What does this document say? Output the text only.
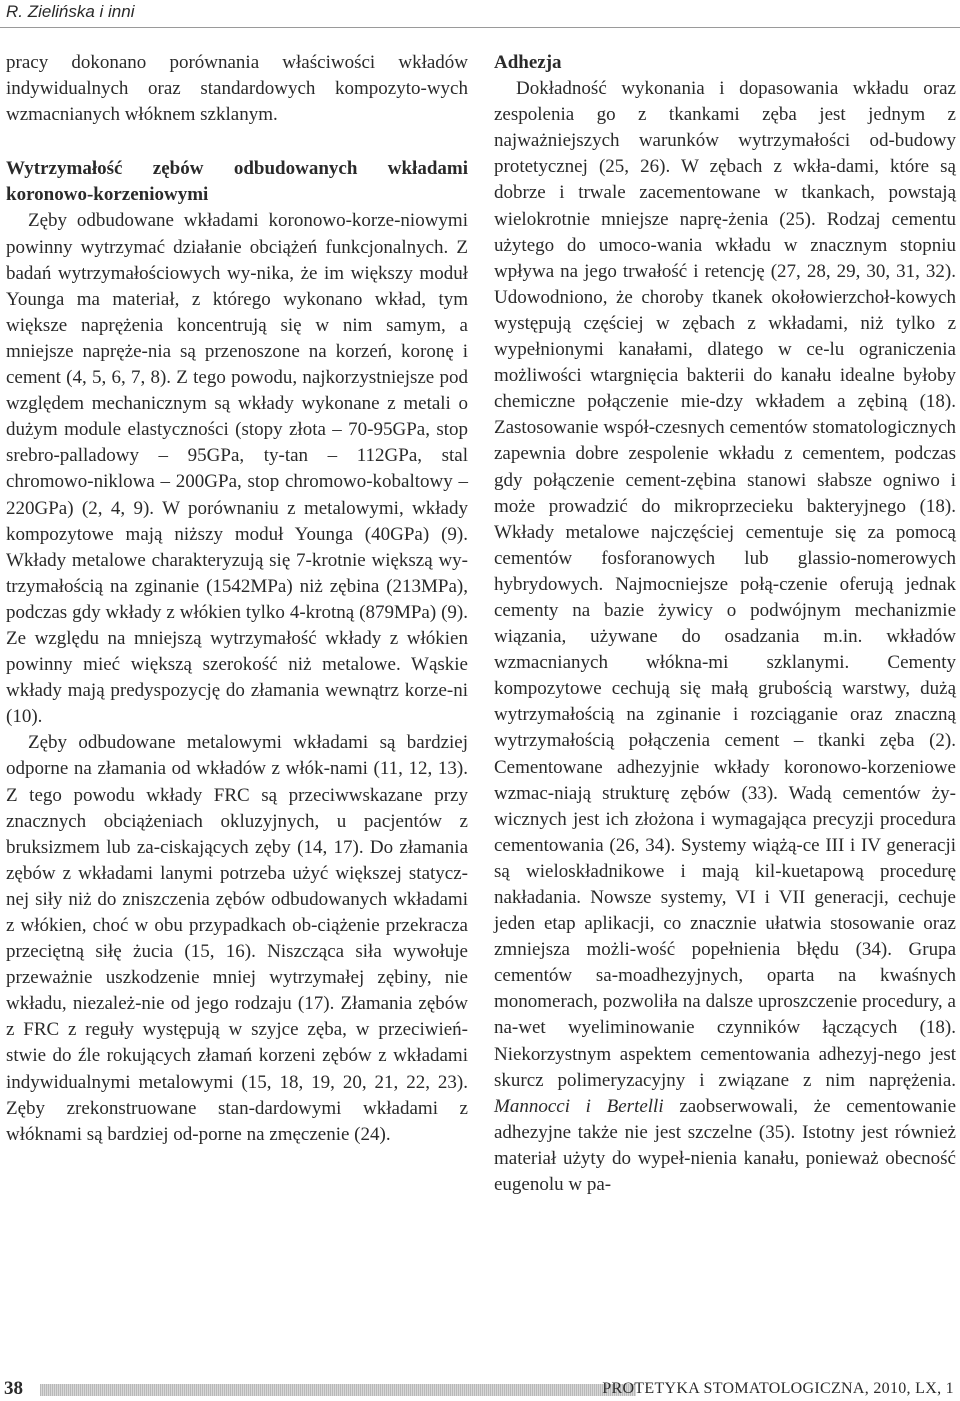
R. Zielińska i inni

pracy dokonano porównania właściwości wkładów indywidualnych oraz standardowych kompozyto-wych wzmacnianych włóknem szklanym.

Wytrzymałość zębów odbudowanych wkładami koronowo-korzeniowymi

Zęby odbudowane wkładami koronowo-korze-niowymi powinny wytrzymać działanie obciążeń funkcjonalnych. Z badań wytrzymałościowych wy-nika, że im większy moduł Younga ma materiał, z którego wykonano wkład, tym większe naprężenia koncentrują się w nim samym, a mniejsze napręże-nia są przenoszone na korzeń, koronę i cement (4, 5, 6, 7, 8). Z tego powodu, najkorzystniejsze pod względem mechanicznym są wkłady wykonane z metali o dużym module elastyczności (stopy złota – 70-95GPa, stop srebro-palladowy – 95GPa, ty-tan – 112GPa, stal chromowo-niklowa – 200GPa, stop chromowo-kobaltowy – 220GPa) (2, 4, 9). W porównaniu z metalowymi, wkłady kompozytowe mają niższy moduł Younga (40GPa) (9). Wkłady metalowe charakteryzują się 7-krotnie większą wy-trzymałością na zginanie (1542MPa) niż zębina (213MPa), podczas gdy wkłady z włókien tylko 4-krotną (879MPa) (9). Ze względu na mniejszą wytrzymałość wkłady z włókien powinny mieć większą szerokość niż metalowe. Wąskie wkłady mają predyspozycję do złamania wewnątrz korze-ni (10).

Zęby odbudowane metalowymi wkładami są bardziej odporne na złamania od wkładów z włók-nami (11, 12, 13). Z tego powodu wkłady FRC są przeciwwskazane przy znacznych obciążeniach okluzyjnych, u pacjentów z bruksizmem lub za-ciskających zęby (14, 17). Do złamania zębów z wkładami lanymi potrzeba użyć większej statycz-nej siły niż do zniszczenia zębów odbudowanych wkładami z włókien, choć w obu przypadkach ob-ciążenie przekracza przeciętną siłę żucia (15, 16). Niszcząca siła wywołuje przeważnie uszkodzenie mniej wytrzymałej zębiny, nie wkładu, niezależ-nie od jego rodzaju (17). Złamania zębów z FRC z reguły występują w szyjce zęba, w przeciwień-stwie do źle rokujących złamań korzeni zębów z wkładami indywidualnymi metalowymi (15, 18, 19, 20, 21, 22, 23). Zęby zrekonstruowane stan-dardowymi wkładami z włóknami są bardziej od-porne na zmęczenie (24).

Adhezja

Dokładność wykonania i dopasowania wkładu oraz zespolenia go z tkankami zęba jest jednym z najważniejszych warunków wytrzymałości od-budowy protetycznej (25, 26). W zębach z wkła-dami, które są dobrze i trwale zacementowane w tkankach, powstają wielokrotnie mniejsze naprę-żenia (25). Rodzaj cementu użytego do umoco-wania wkładu w znacznym stopniu wpływa na jego trwałość i retencję (27, 28, 29, 30, 31, 32). Udowodniono, że choroby tkanek okołowierzchoł-kowych występują częściej w zębach z wkładami, niż tylko z wypełnionymi kanałami, dlatego w ce-lu ograniczenia możliwości wtargnięcia bakterii do kanału idealne byłoby chemiczne połączenie mie-dzy wkładem a zębiną (18). Zastosowanie współ-czesnych cementów stomatologicznych zapewnia dobre zespolenie wkładu z cementem, podczas gdy połączenie cement-zębina stanowi słabsze ogniwo i może prowadzić do mikroprzecieku bakteryjnego (18). Wkłady metalowe najczęściej cementuje się za pomocą cementów fosforanowych lub glassio-nomerowych hybrydowych. Najmocniejsze połą-czenie oferują jednak cementy na bazie żywicy o podwójnym mechanizmie wiązania, używane do osadzania m.in. wkładów wzmacnianych włókna-mi szklanymi. Cementy kompozytowe cechują się małą grubością warstwy, dużą wytrzymałością na zginanie i rozciąganie oraz znaczną wytrzymałością połączenia cement – tkanki zęba (2). Cementowane adhezyjnie wkłady koronowo-korzeniowe wzmac-niają strukturę zębów (33). Wadą cementów ży-wicznych jest ich złożona i wymagająca precyzji procedura cementowania (26, 34). Systemy wiążą-ce III i IV generacji są wieloskładnikowe i mają kil-kuetapową procedurę nakładania. Nowsze systemy, VI i VII generacji, cechuje jeden etap aplikacji, co znacznie ułatwia stosowanie oraz zmniejsza możli-wość popełnienia błędu (34). Grupa cementów sa-moadhezyjnych, oparta na kwaśnych monomerach, pozwoliła na dalsze uproszczenie procedury, a na-wet wyeliminowanie czynników łączących (18). Niekorzystnym aspektem cementowania adhezyj-nego jest skurcz polimeryzacyjny i związane z nim naprężenia. Mannocci i Bertelli zaobserwowali, że cementowanie adhezyjne także nie jest szczelne (35). Istotny jest również materiał użyty do wypeł-nienia kanału, ponieważ obecność eugenolu w pa-

38	PROTETYKA STOMATOLOGICZNA, 2010, LX, 1
